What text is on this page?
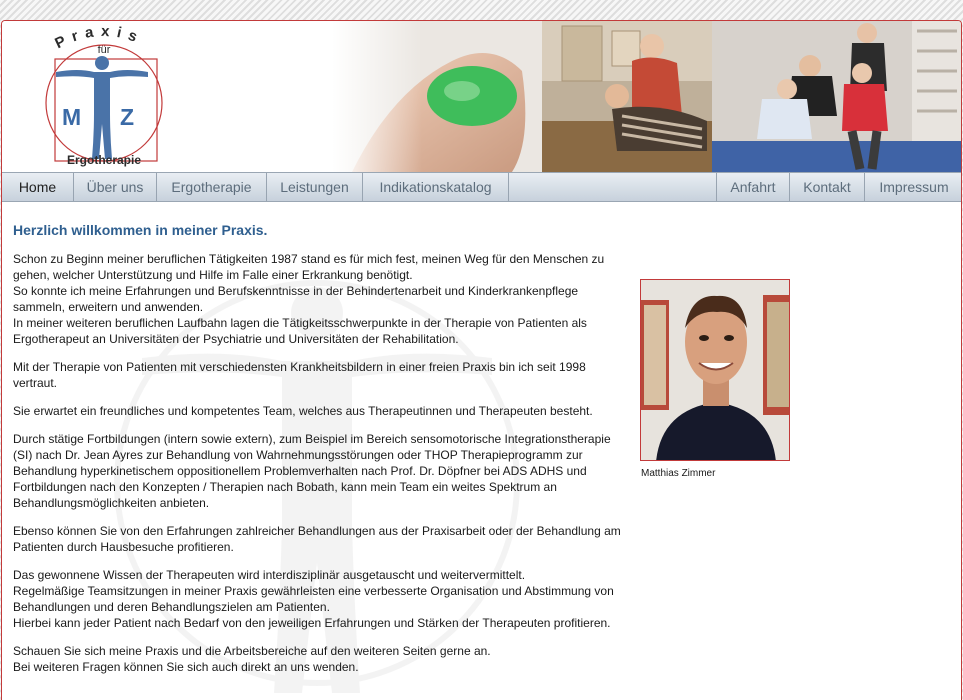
Praxis
für
M Z
Ergotherapie
Home	Über uns	Ergotherapie	Leistungen	Indikationskatalog	Anfahrt	Kontakt	Impressum
Herzlich willkommen in meiner Praxis.

Schon zu Beginn meiner beruflichen Tätigkeiten 1987 stand es für mich fest, meinen Weg für den Menschen zu gehen, welcher Unterstützung und Hilfe im Falle einer Erkrankung benötigt.
So konnte ich meine Erfahrungen und Berufskenntnisse in der Behindertenarbeit und Kinderkrankenpflege sammeln, erweitern und anwenden.
In meiner weiteren beruflichen Laufbahn lagen die Tätigkeitsschwerpunkte in der Therapie von Patienten als Ergotherapeut an Universitäten der Psychiatrie und Universitäten der Rehabilitation.

Mit der Therapie von Patienten mit verschiedensten Krankheitsbildern in einer freien Praxis bin ich seit 1998 vertraut.

Sie erwartet ein freundliches und kompetentes Team, welches aus Therapeutinnen und Therapeuten besteht.

Durch stätige Fortbildungen (intern sowie extern), zum Beispiel im Bereich sensomotorische Integrationstherapie (SI) nach Dr. Jean Ayres zur Behandlung von Wahrnehmungsstörungen oder THOP Therapieprogramm zur Behandlung hyperkinetischem oppositionellem Problemverhalten nach Prof. Dr. Döpfner bei ADS ADHS und Fortbildungen nach den Konzepten / Therapien nach Bobath, kann mein Team ein weites Spektrum an Behandlungsmöglichkeiten anbieten.

Ebenso können Sie von den Erfahrungen zahlreicher Behandlungen aus der Praxisarbeit oder der Behandlung am Patienten durch Hausbesuche profitieren.

Das gewonnene Wissen der Therapeuten wird interdisziplinär ausgetauscht und weitervermittelt.
Regelmäßige Teamsitzungen in meiner Praxis gewährleisten eine verbesserte Organisation und Abstimmung von Behandlungen und deren Behandlungszielen am Patienten.
Hierbei kann jeder Patient nach Bedarf von den jeweiligen Erfahrungen und Stärken der Therapeuten profitieren.

Schauen Sie sich meine Praxis und die Arbeitsbereiche auf den weiteren Seiten gerne an.
Bei weiteren Fragen können Sie sich auch direkt an uns wenden.

Matthias Zimmer
